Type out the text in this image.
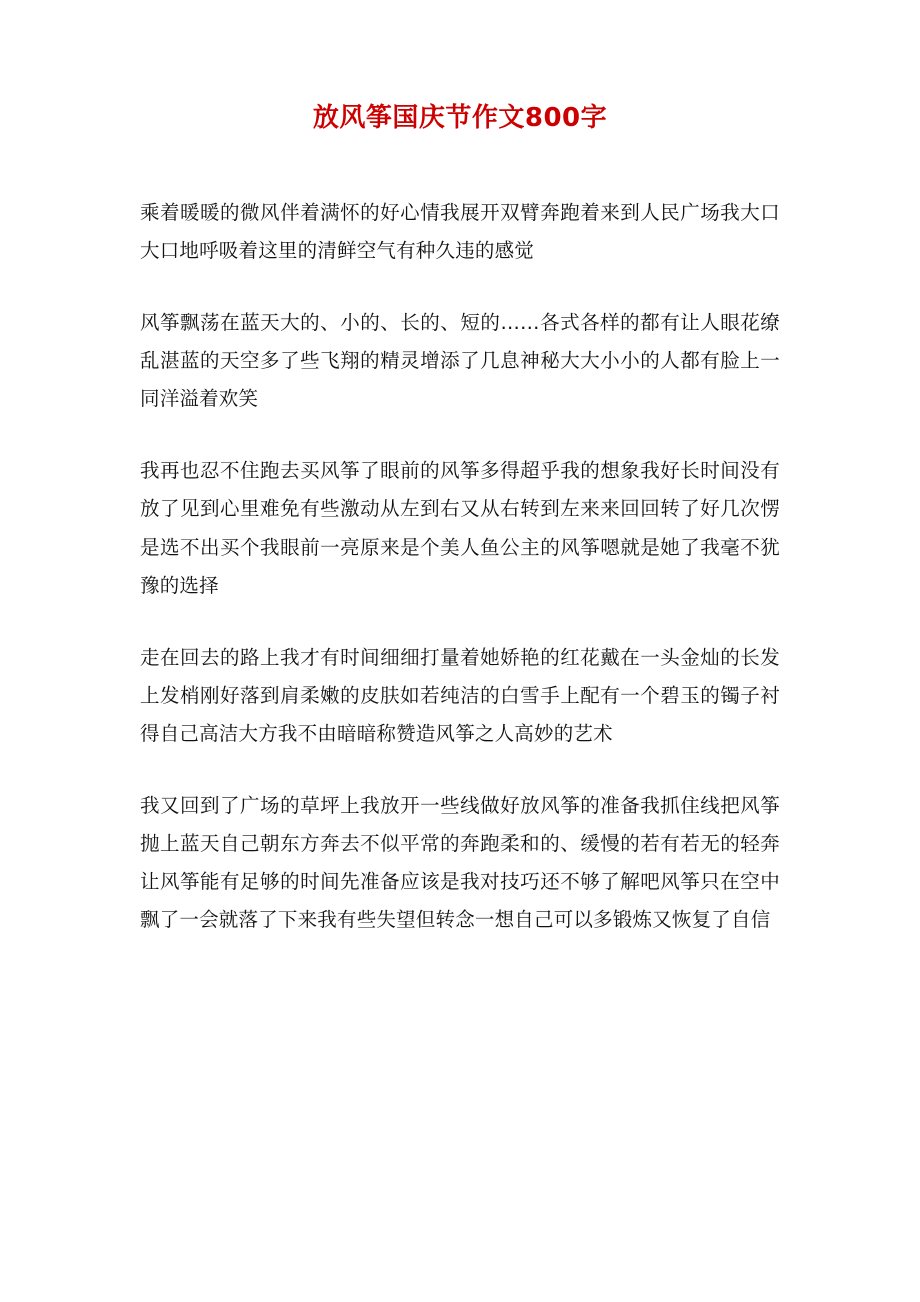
放风筝国庆节作文800字

乘着暖暖的微风伴着满怀的好心情我展开双臂奔跑着来到人民广场我大口大口地呼吸着这里的清鲜空气有种久违的感觉

风筝飘荡在蓝天大的、小的、长的、短的……各式各样的都有让人眼花缭乱湛蓝的天空多了些飞翔的精灵增添了几息神秘大大小小的人都有脸上一同洋溢着欢笑

我再也忍不住跑去买风筝了眼前的风筝多得超乎我的想象我好长时间没有放了见到心里难免有些激动从左到右又从右转到左来来回回转了好几次愣是选不出买个我眼前一亮原来是个美人鱼公主的风筝嗯就是她了我毫不犹豫的选择

走在回去的路上我才有时间细细打量着她娇艳的红花戴在一头金灿的长发上发梢刚好落到肩柔嫩的皮肤如若纯洁的白雪手上配有一个碧玉的镯子衬得自己高洁大方我不由暗暗称赞造风筝之人高妙的艺术

我又回到了广场的草坪上我放开一些线做好放风筝的准备我抓住线把风筝抛上蓝天自己朝东方奔去不似平常的奔跑柔和的、缓慢的若有若无的轻奔让风筝能有足够的时间先准备应该是我对技巧还不够了解吧风筝只在空中飘了一会就落了下来我有些失望但转念一想自己可以多锻炼又恢复了自信
